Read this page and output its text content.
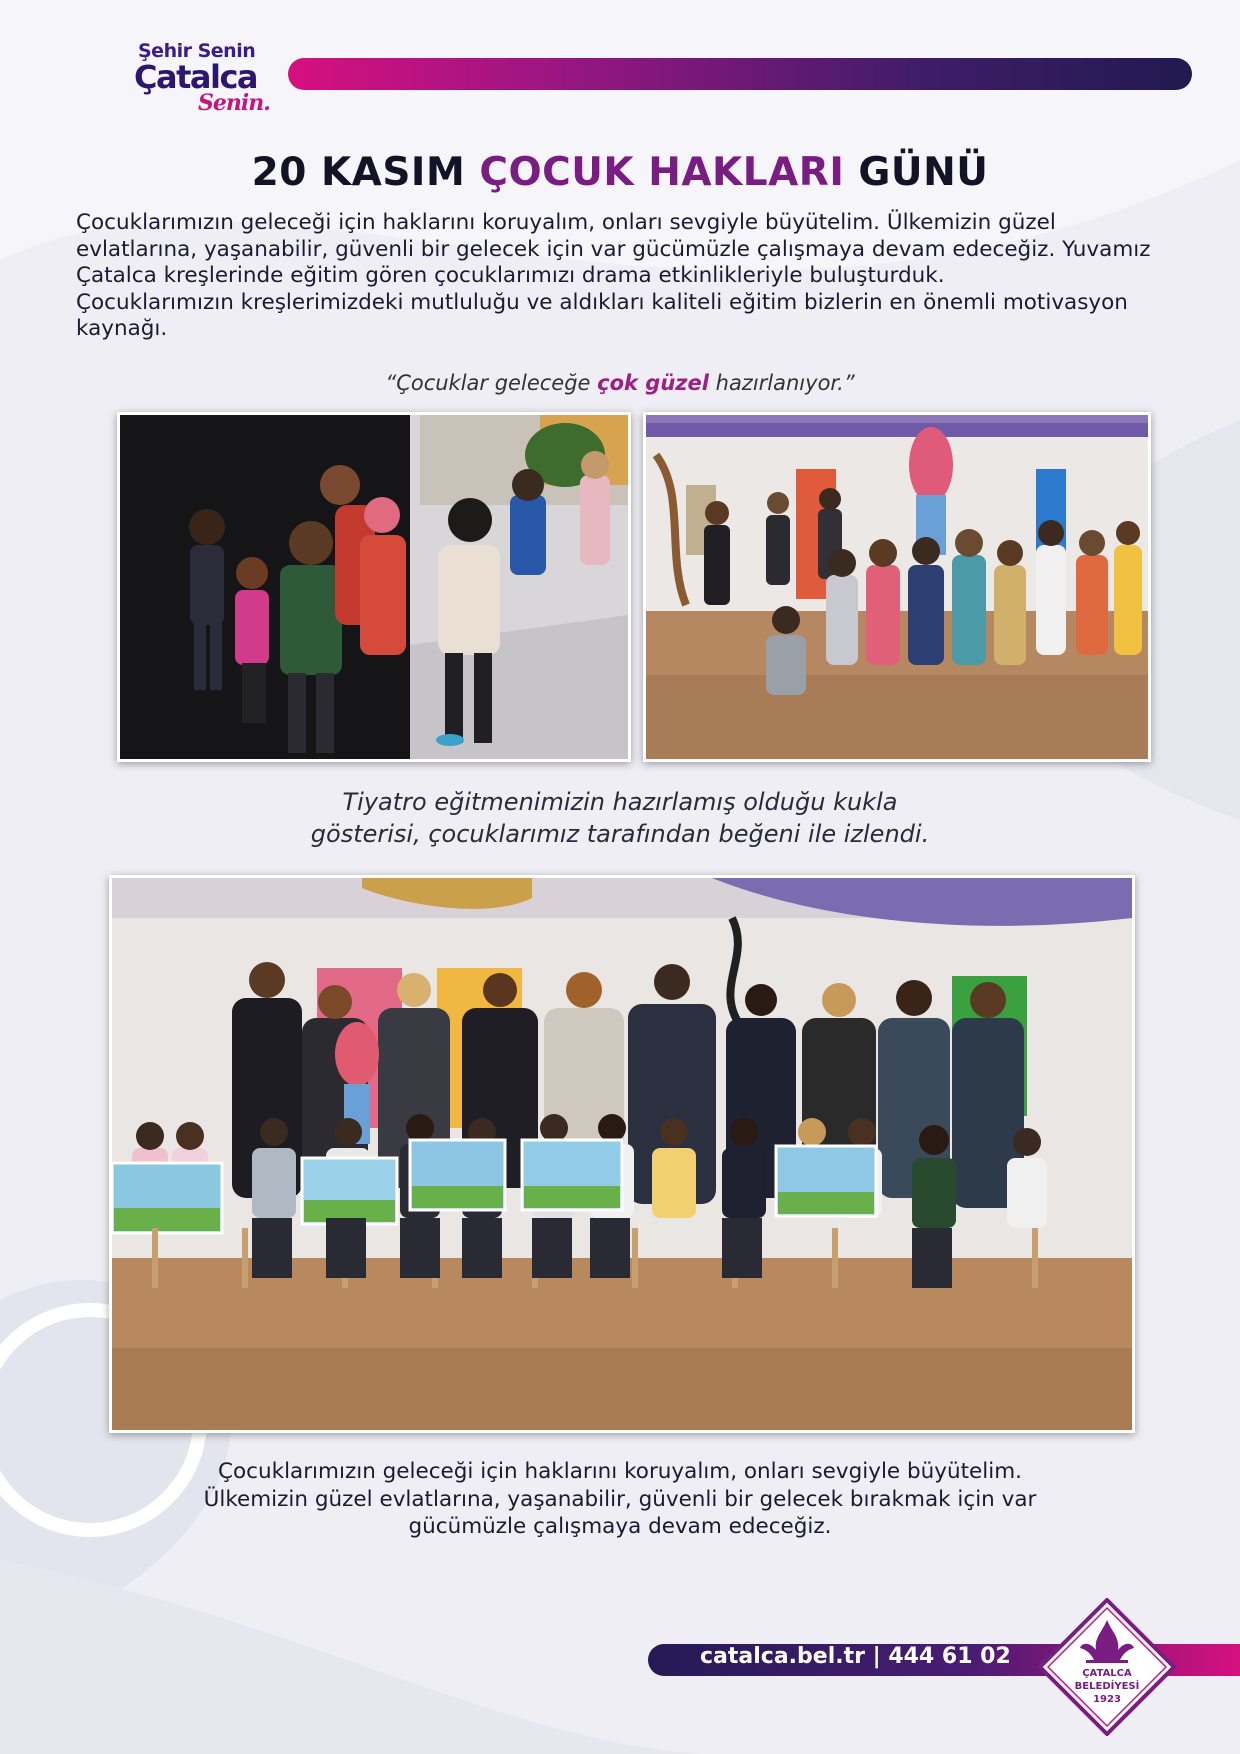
Şehir Senin
Çatalca
Senin.
20 KASIM ÇOCUK HAKLARI GÜNÜ

Çocuklarımızın geleceği için haklarını koruyalım, onları sevgiyle büyütelim. Ülkemizin güzel evlatlarına, yaşanabilir, güvenli bir gelecek için var gücümüzle çalışmaya devam edeceğiz. Yuvamız Çatalca kreşlerinde eğitim gören çocuklarımızı drama etkinlikleriyle buluşturduk.

Çocuklarımızın kreşlerimizdeki mutluluğu ve aldıkları kaliteli eğitim bizlerin en önemli motivasyon kaynağı.

“Çocuklar geleceğe çok güzel hazırlanıyor.”
Tiyatro eğitmenimizin hazırlamış olduğu kukla
gösterisi, çocuklarımız tarafından beğeni ile izlendi.
Çocuklarımızın geleceği için haklarını koruyalım, onları sevgiyle büyütelim.
Ülkemizin güzel evlatlarına, yaşanabilir, güvenli bir gelecek bırakmak için var
gücümüzle çalışmaya devam edeceğiz.
catalca.bel.tr | 444 61 02
ÇATALCA
BELEDİYESİ
1923
